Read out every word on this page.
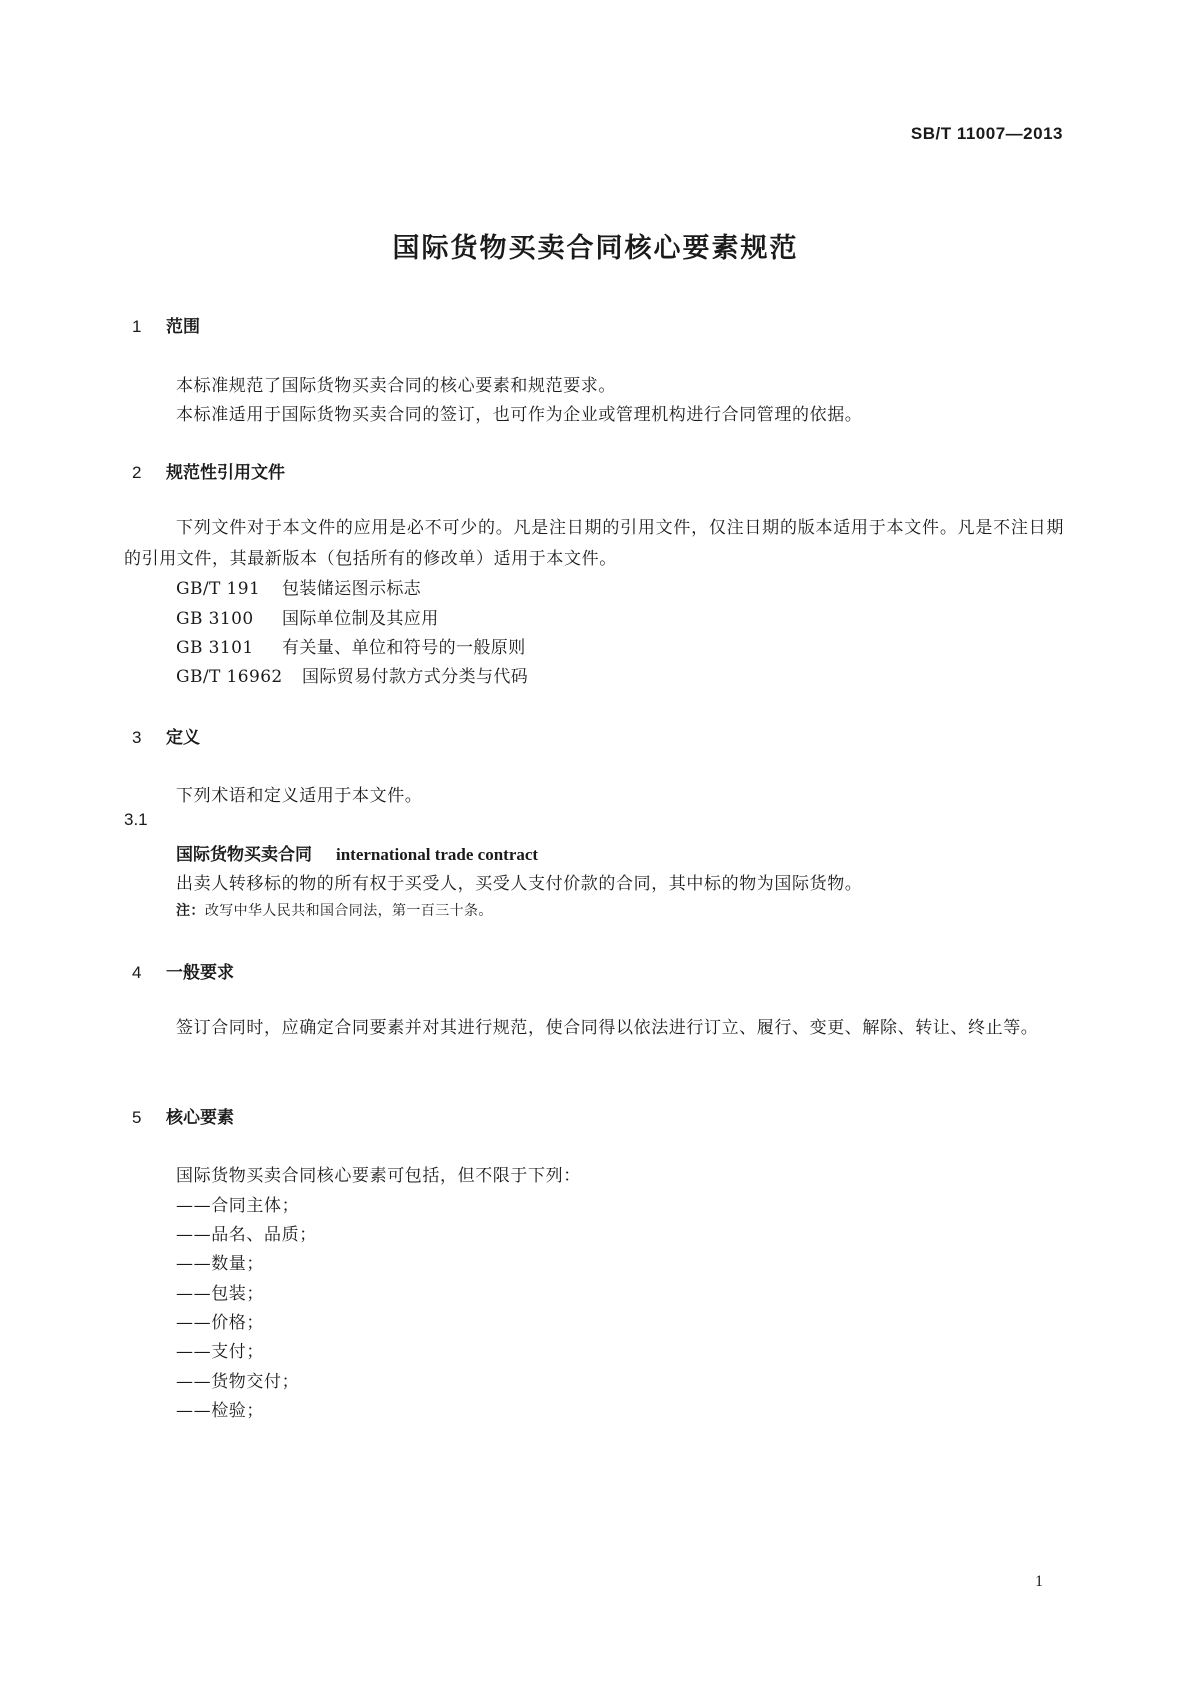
SB/T 11007—2013
国际货物买卖合同核心要素规范
1 范围
本标准规范了国际货物买卖合同的核心要素和规范要求。
本标准适用于国际货物买卖合同的签订，也可作为企业或管理机构进行合同管理的依据。
2 规范性引用文件
下列文件对于本文件的应用是必不可少的。凡是注日期的引用文件，仅注日期的版本适用于本文件。凡是不注日期的引用文件，其最新版本（包括所有的修改单）适用于本文件。
GB/T 191 包装储运图示标志
GB 3100 国际单位制及其应用
GB 3101 有关量、单位和符号的一般原则
GB/T 16962 国际贸易付款方式分类与代码
3 定义
下列术语和定义适用于本文件。
3.1
国际货物买卖合同 international trade contract
出卖人转移标的物的所有权于买受人，买受人支付价款的合同，其中标的物为国际货物。
注：改写中华人民共和国合同法，第一百三十条。
4 一般要求
签订合同时，应确定合同要素并对其进行规范，使合同得以依法进行订立、履行、变更、解除、转让、终止等。
5 核心要素
国际货物买卖合同核心要素可包括，但不限于下列：
——合同主体；
——品名、品质；
——数量；
——包装；
——价格；
——支付；
——货物交付；
——检验；
1
